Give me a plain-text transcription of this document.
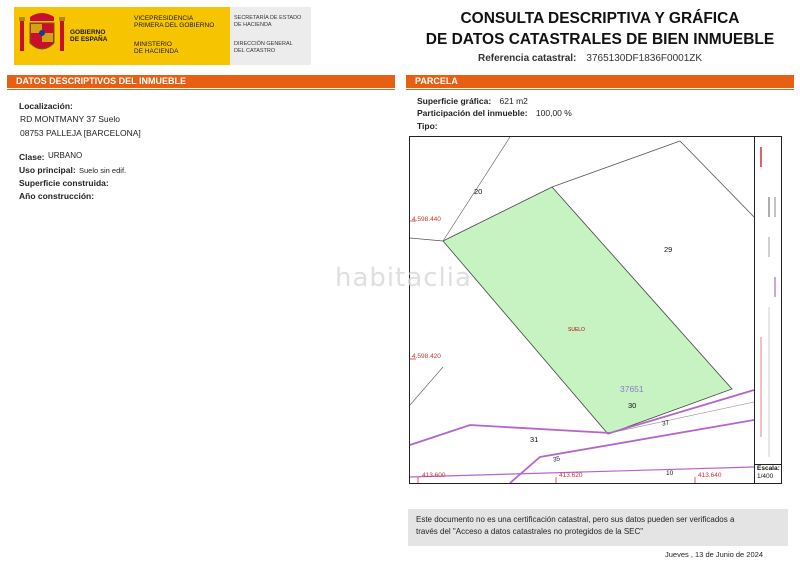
GOBIERNO
DE ESPAÑA
VICEPRESIDENCIA
PRIMERA DEL GOBIERNO
MINISTERIO
DE HACIENDA
SECRETARÍA DE ESTADO
DE HACIENDA
DIRECCIÓN GENERAL
DEL CATASTRO
CONSULTA DESCRIPTIVA Y GRÁFICA
DE DATOS CATASTRALES DE BIEN INMUEBLE
Referencia catastral: 3765130DF1836F0001ZK
DATOS DESCRIPTIVOS DEL INMUEBLE	PARCELA
Localización:
RD MONTMANY 37 Suelo
08753 PALLEJA [BARCELONA]
Clase: URBANO
Uso principal: Suelo sin edif.
Superficie construida:
Año construcción:
Superficie gráfica: 621 m2
Participación del inmueble: 100,00 %
Tipo:
4.598.440
4.598.420
413.600	413.620	413.640
20
29
30
31
SUELO
37651
37
35
10
Escala:
1/400
habitaclia
Este documento no es una certificación catastral, pero sus datos pueden ser verificados a
través del "Acceso a datos catastrales no protegidos de la SEC"
Jueves , 13 de Junio de 2024
